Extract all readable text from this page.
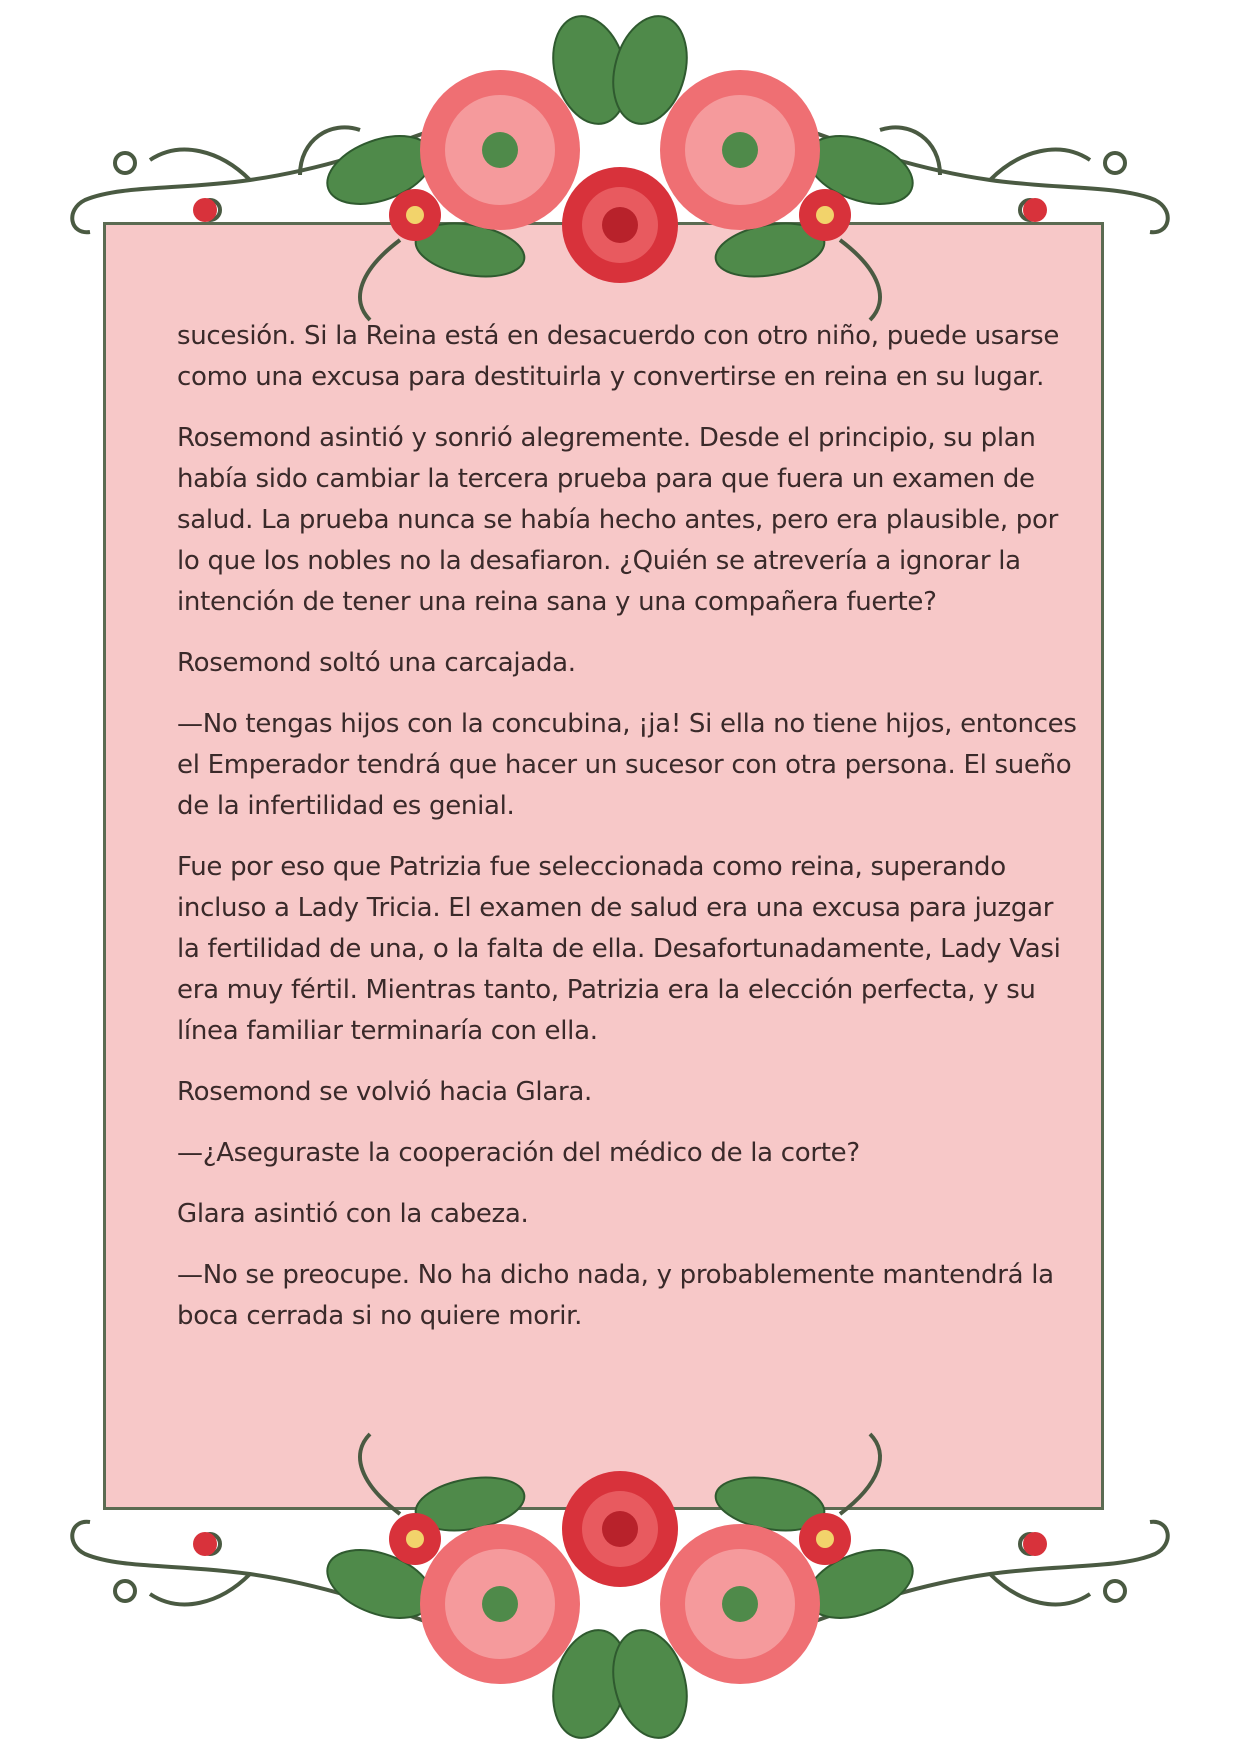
sucesión. Si la Reina está en desacuerdo con otro niño, puede usarse como una excusa para destituirla y convertirse en reina en su lugar.

Rosemond asintió y sonrió alegremente. Desde el principio, su plan había sido cambiar la tercera prueba para que fuera un examen de salud. La prueba nunca se había hecho antes, pero era plausible, por lo que los nobles no la desafiaron. ¿Quién se atrevería a ignorar la intención de tener una reina sana y una compañera fuerte?

Rosemond soltó una carcajada.

—No tengas hijos con la concubina, ¡ja! Si ella no tiene hijos, entonces el Emperador tendrá que hacer un sucesor con otra persona. El sueño de la infertilidad es genial.

Fue por eso que Patrizia fue seleccionada como reina, superando incluso a Lady Tricia. El examen de salud era una excusa para juzgar la fertilidad de una, o la falta de ella. Desafortunadamente, Lady Vasi era muy fértil. Mientras tanto, Patrizia era la elección perfecta, y su línea familiar terminaría con ella.

Rosemond se volvió hacia Glara.

—¿Aseguraste la cooperación del médico de la corte?

Glara asintió con la cabeza.

—No se preocupe. No ha dicho nada, y probablemente mantendrá la boca cerrada si no quiere morir.
